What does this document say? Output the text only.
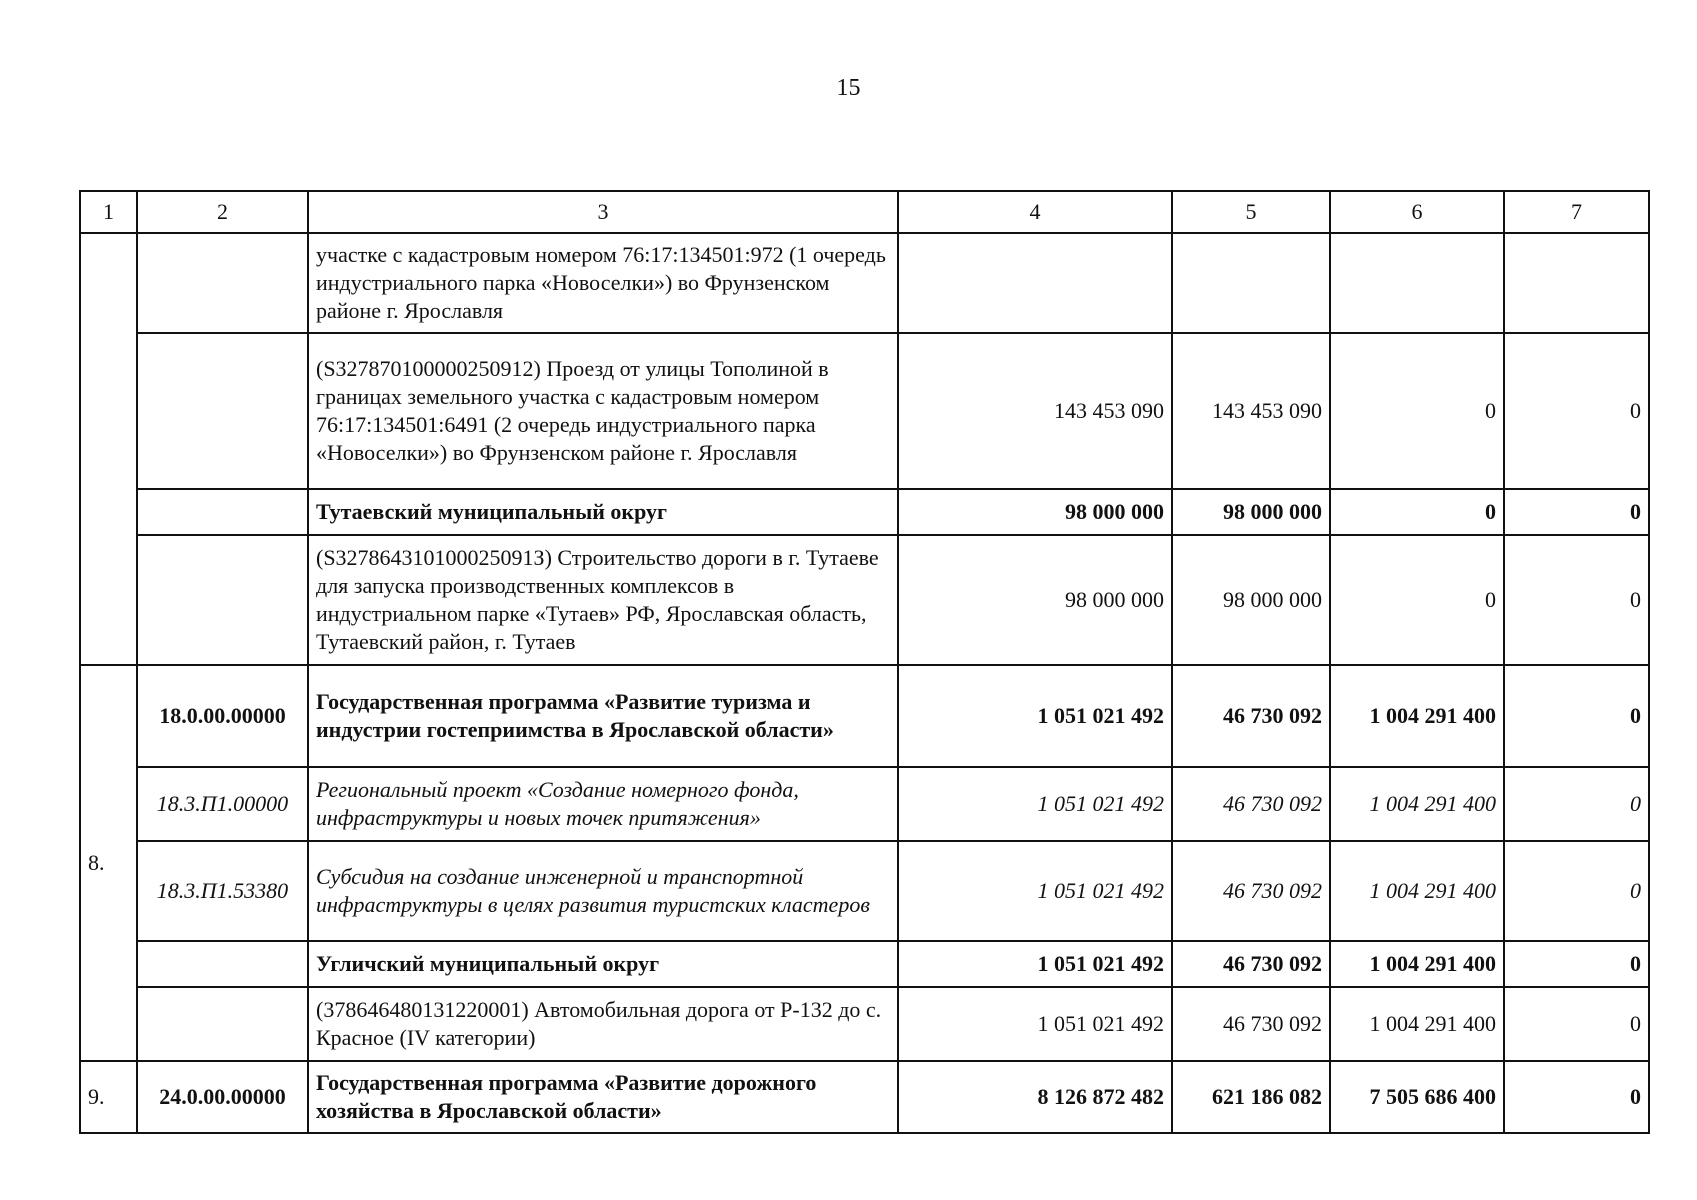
15
1	2	3	4	5	6	7
		участке с кадастровым номером 76:17:134501:972 (1 очередь индустриального парка «Новоселки») во Фрунзенском районе г. Ярославля				
		(S327870100000250912) Проезд от улицы Тополиной в границах земельного участка с кадастровым номером 76:17:134501:6491 (2 очередь индустриального парка «Новоселки») во Фрунзенском районе г. Ярославля	143 453 090	143 453 090	0	0
		Тутаевский муниципальный округ	98 000 000	98 000 000	0	0
		(S327864310100025091З) Строительство дороги в г. Тутаеве для запуска производственных комплексов в индустриальном парке «Тутаев» РФ, Ярославская область, Тутаевский район, г. Тутаев	98 000 000	98 000 000	0	0
8.	18.0.00.00000	Государственная программа «Развитие туризма и индустрии гостеприимства в Ярославской области»	1 051 021 492	46 730 092	1 004 291 400	0
	18.3.П1.00000	Региональный проект «Создание номерного фонда, инфраструктуры и новых точек притяжения»	1 051 021 492	46 730 092	1 004 291 400	0
	18.3.П1.53380	Субсидия на создание инженерной и транспортной инфраструктуры в целях развития туристских кластеров	1 051 021 492	46 730 092	1 004 291 400	0
		Угличский муниципальный округ	1 051 021 492	46 730 092	1 004 291 400	0
		(378646480131220001) Автомобильная дорога от Р-132 до с. Красное (IV категории)	1 051 021 492	46 730 092	1 004 291 400	0
9.	24.0.00.00000	Государственная программа «Развитие дорожного хозяйства в Ярославской области»	8 126 872 482	621 186 082	7 505 686 400	0
